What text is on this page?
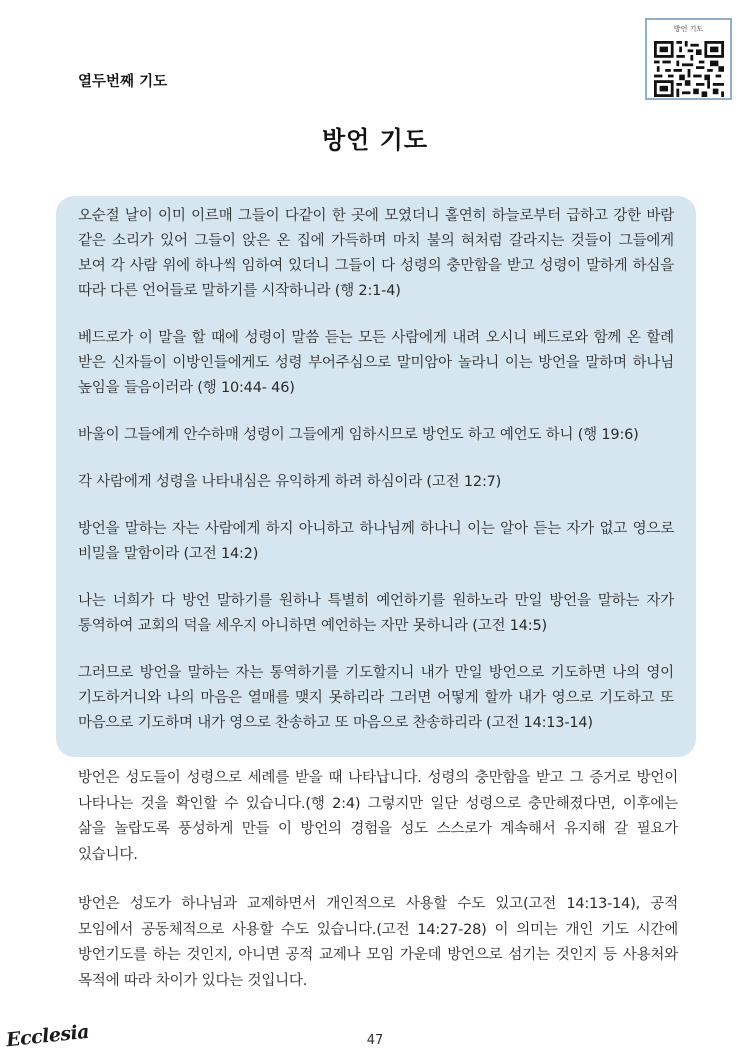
열두번째 기도
방언 기도
방언 기도

오순절 날이 이미 이르매 그들이 다같이 한 곳에 모였더니 홀연히 하늘로부터 급하고 강한 바람 같은 소리가 있어 그들이 앉은 온 집에 가득하며 마치 불의 혀처럼 갈라지는 것들이 그들에게 보여 각 사람 위에 하나씩 임하여 있더니 그들이 다 성령의 충만함을 받고 성령이 말하게 하심을 따라 다른 언어들로 말하기를 시작하니라 (행 2:1-4)

베드로가 이 말을 할 때에 성령이 말씀 듣는 모든 사람에게 내려 오시니 베드로와 함께 온 할례 받은 신자들이 이방인들에게도 성령 부어주심으로 말미암아 놀라니 이는 방언을 말하며 하나님 높임을 들음이러라 (행 10:44- 46)

바울이 그들에게 안수하매 성령이 그들에게 임하시므로 방언도 하고 예언도 하니 (행 19:6)

각 사람에게 성령을 나타내심은 유익하게 하려 하심이라 (고전 12:7)

방언을 말하는 자는 사람에게 하지 아니하고 하나님께 하나니 이는 알아 듣는 자가 없고 영으로 비밀을 말함이라 (고전 14:2)

나는 너희가 다 방언 말하기를 원하나 특별히 예언하기를 원하노라 만일 방언을 말하는 자가 통역하여 교회의 덕을 세우지 아니하면 예언하는 자만 못하니라 (고전 14:5)

그러므로 방언을 말하는 자는 통역하기를 기도할지니 내가 만일 방언으로 기도하면 나의 영이 기도하거니와 나의 마음은 열매를 맺지 못하리라 그러면 어떻게 할까 내가 영으로 기도하고 또 마음으로 기도하며 내가 영으로 찬송하고 또 마음으로 찬송하리라 (고전 14:13-14)

방언은 성도들이 성령으로 세례를 받을 때 나타납니다. 성령의 충만함을 받고 그 증거로 방언이 나타나는 것을 확인할 수 있습니다.(행 2:4) 그렇지만 일단 성령으로 충만해졌다면, 이후에는 삶을 놀랍도록 풍성하게 만들 이 방언의 경험을 성도 스스로가 계속해서 유지해 갈 필요가 있습니다.

방언은 성도가 하나님과 교제하면서 개인적으로 사용할 수도 있고(고전 14:13-14), 공적 모임에서 공동체적으로 사용할 수도 있습니다.(고전 14:27-28) 이 의미는 개인 기도 시간에 방언기도를 하는 것인지, 아니면 공적 교제나 모임 가운데 방언으로 섬기는 것인지 등 사용처와 목적에 따라 차이가 있다는 것입니다.

Ecclesia	47
